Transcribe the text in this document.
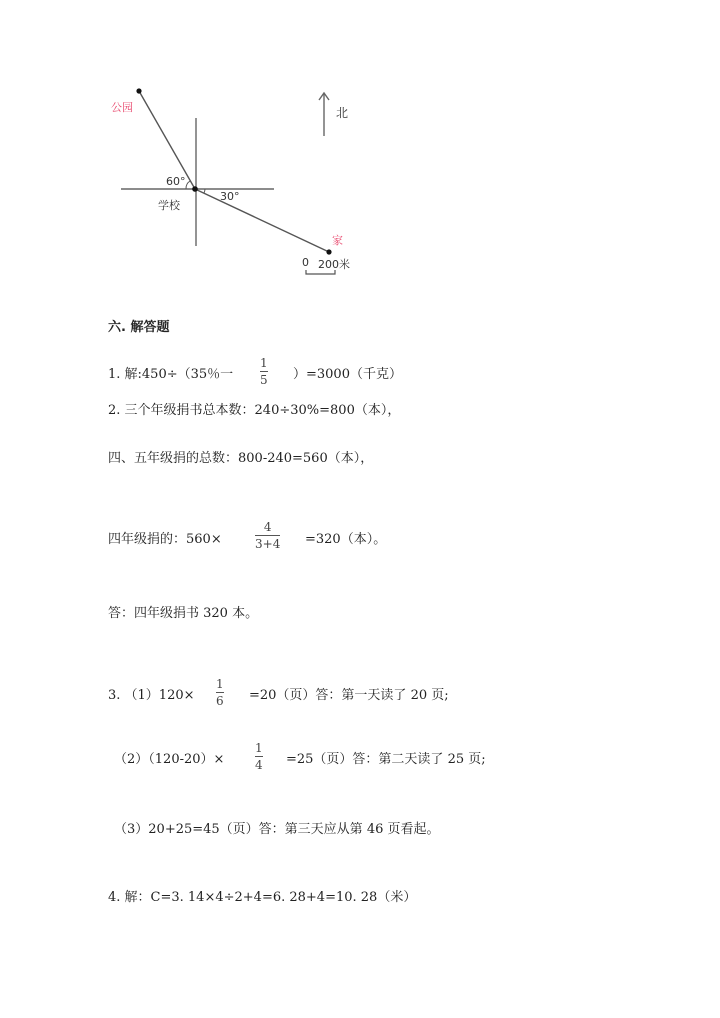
公园
60°
学校
30°
北
家
0 200米
六. 解答题
1. 解:450÷（35％一
1
5 ）=3000（千克）
2. 三个年级捐书总本数：240÷30%=800（本），
四、五年级捐的总数：800-240=560（本），
四年级捐的：560×
4
3+4 =320（本）。
答：四年级捐书 320 本。
3. （1）120×
1
6 =20（页）答：第一天读了 20 页;
（2）（120-20）×
1
4 =25（页）答：第二天读了 25 页;
（3）20+25=45（页）答：第三天应从第 46 页看起。
4. 解：C=3. 14×4÷2+4=6. 28+4=10. 28（米）
